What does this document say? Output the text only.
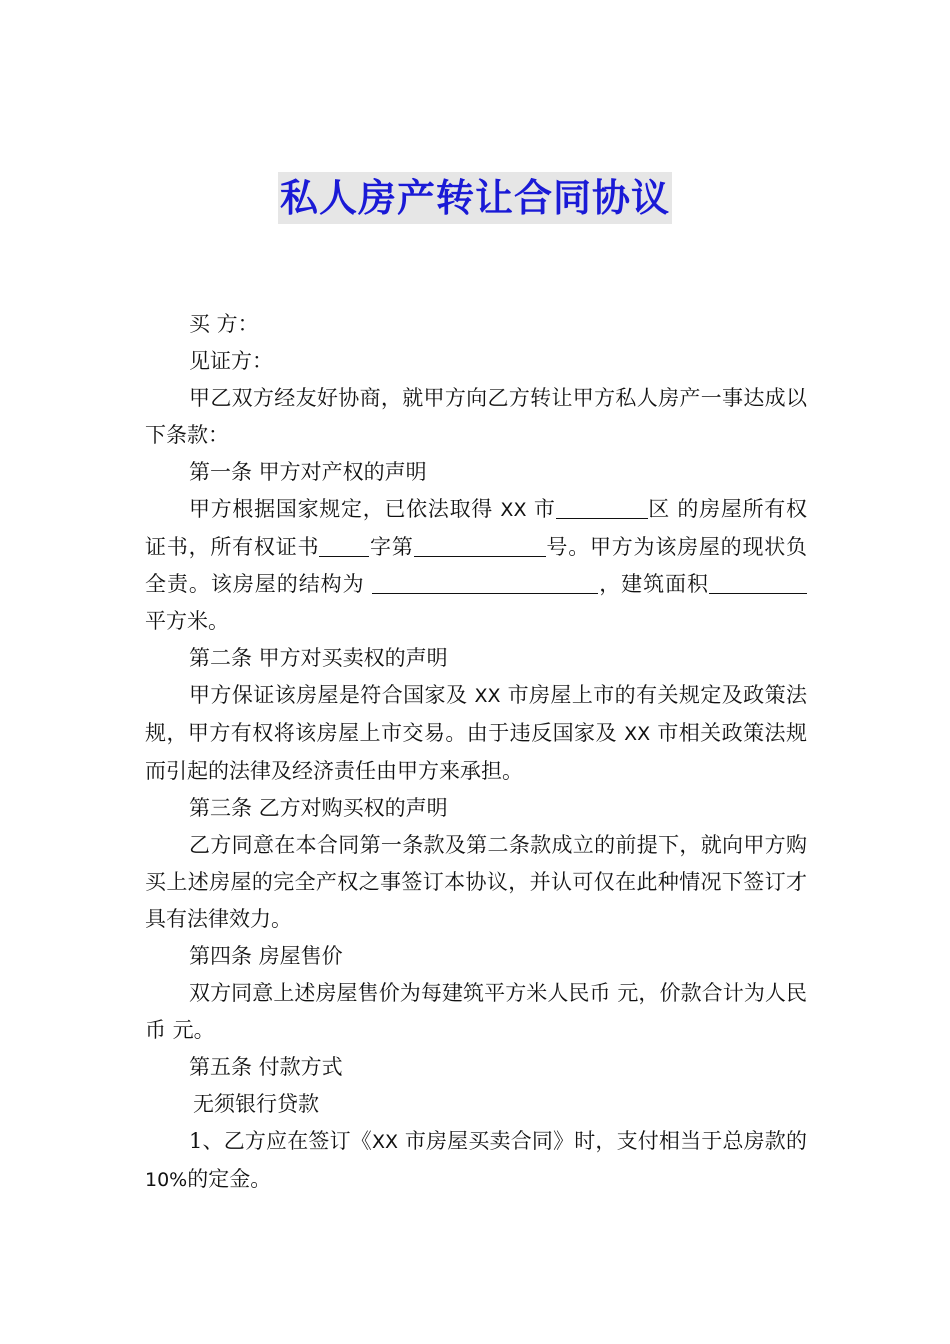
私人房产转让合同协议

买 方：

见证方：

甲乙双方经友好协商，就甲方向乙方转让甲方私人房产一事达成以下条款：

第一条 甲方对产权的声明

甲方根据国家规定，已依法取得 XX 市	区 的房屋所有权证书，所有权证书 字第	号。甲方为该房屋的现状负全责。该房屋的结构为	，建筑面积平方米。

第二条 甲方对买卖权的声明

甲方保证该房屋是符合国家及 XX 市房屋上市的有关规定及政策法规，甲方有权将该房屋上市交易。由于违反国家及 XX 市相关政策法规而引起的法律及经济责任由甲方来承担。

第三条 乙方对购买权的声明

乙方同意在本合同第一条款及第二条款成立的前提下，就向甲方购买上述房屋的完全产权之事签订本协议，并认可仅在此种情况下签订才具有法律效力。

第四条 房屋售价

双方同意上述房屋售价为每建筑平方米人民币 元，价款合计为人民币 元。

第五条 付款方式

无须银行贷款

1、乙方应在签订《XX 市房屋买卖合同》时，支付相当于总房款的 10%的定金。
